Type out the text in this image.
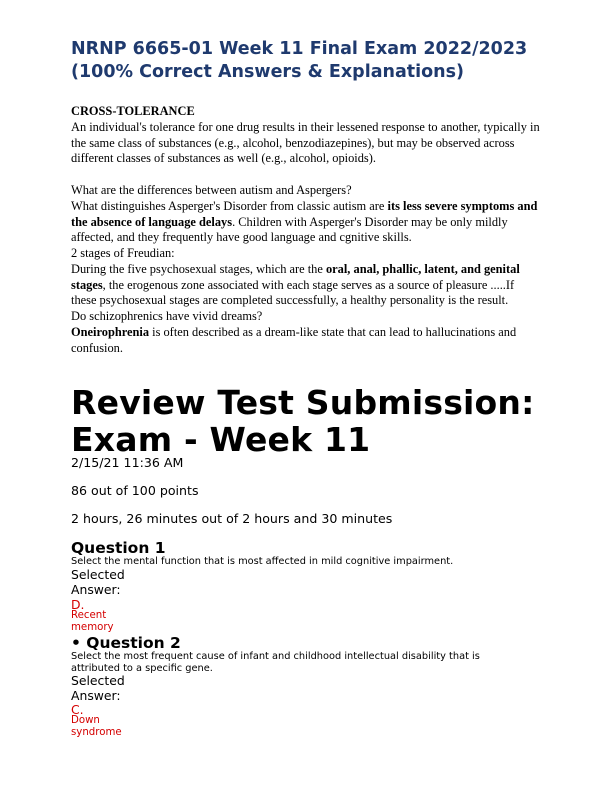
NRNP 6665-01 Week 11 Final Exam 2022/2023 (100% Correct Answers & Explanations)

CROSS-TOLERANCE

An individual's tolerance for one drug results in their lessened response to another, typically in the same class of substances (e.g., alcohol, benzodiazepines), but may be observed across different classes of substances as well (e.g., alcohol, opioids).

What are the differences between autism and Aspergers?

What distinguishes Asperger's Disorder from classic autism are its less severe symptoms and the absence of language delays. Children with Asperger's Disorder may be only mildly affected, and they frequently have good language and cgnitive skills.

2 stages of Freudian:

During the five psychosexual stages, which are the oral, anal, phallic, latent, and genital stages, the erogenous zone associated with each stage serves as a source of pleasure .....If these psychosexual stages are completed successfully, a healthy personality is the result.

Do schizophrenics have vivid dreams?

Oneirophrenia is often described as a dream-like state that can lead to hallucinations and confusion.

Review Test Submission:
Exam - Week 11
2/15/21 11:36 AM
86 out of 100 points
2 hours, 26 minutes out of 2 hours and 30 minutes
Question 1

Select the mental function that is most affected in mild cognitive impairment.

Selected
Answer:
D.
Recent memory
• Question 2

Select the most frequent cause of infant and childhood intellectual disability that is attributed to a specific gene.

Selected
Answer:
C.
Down syndrome
